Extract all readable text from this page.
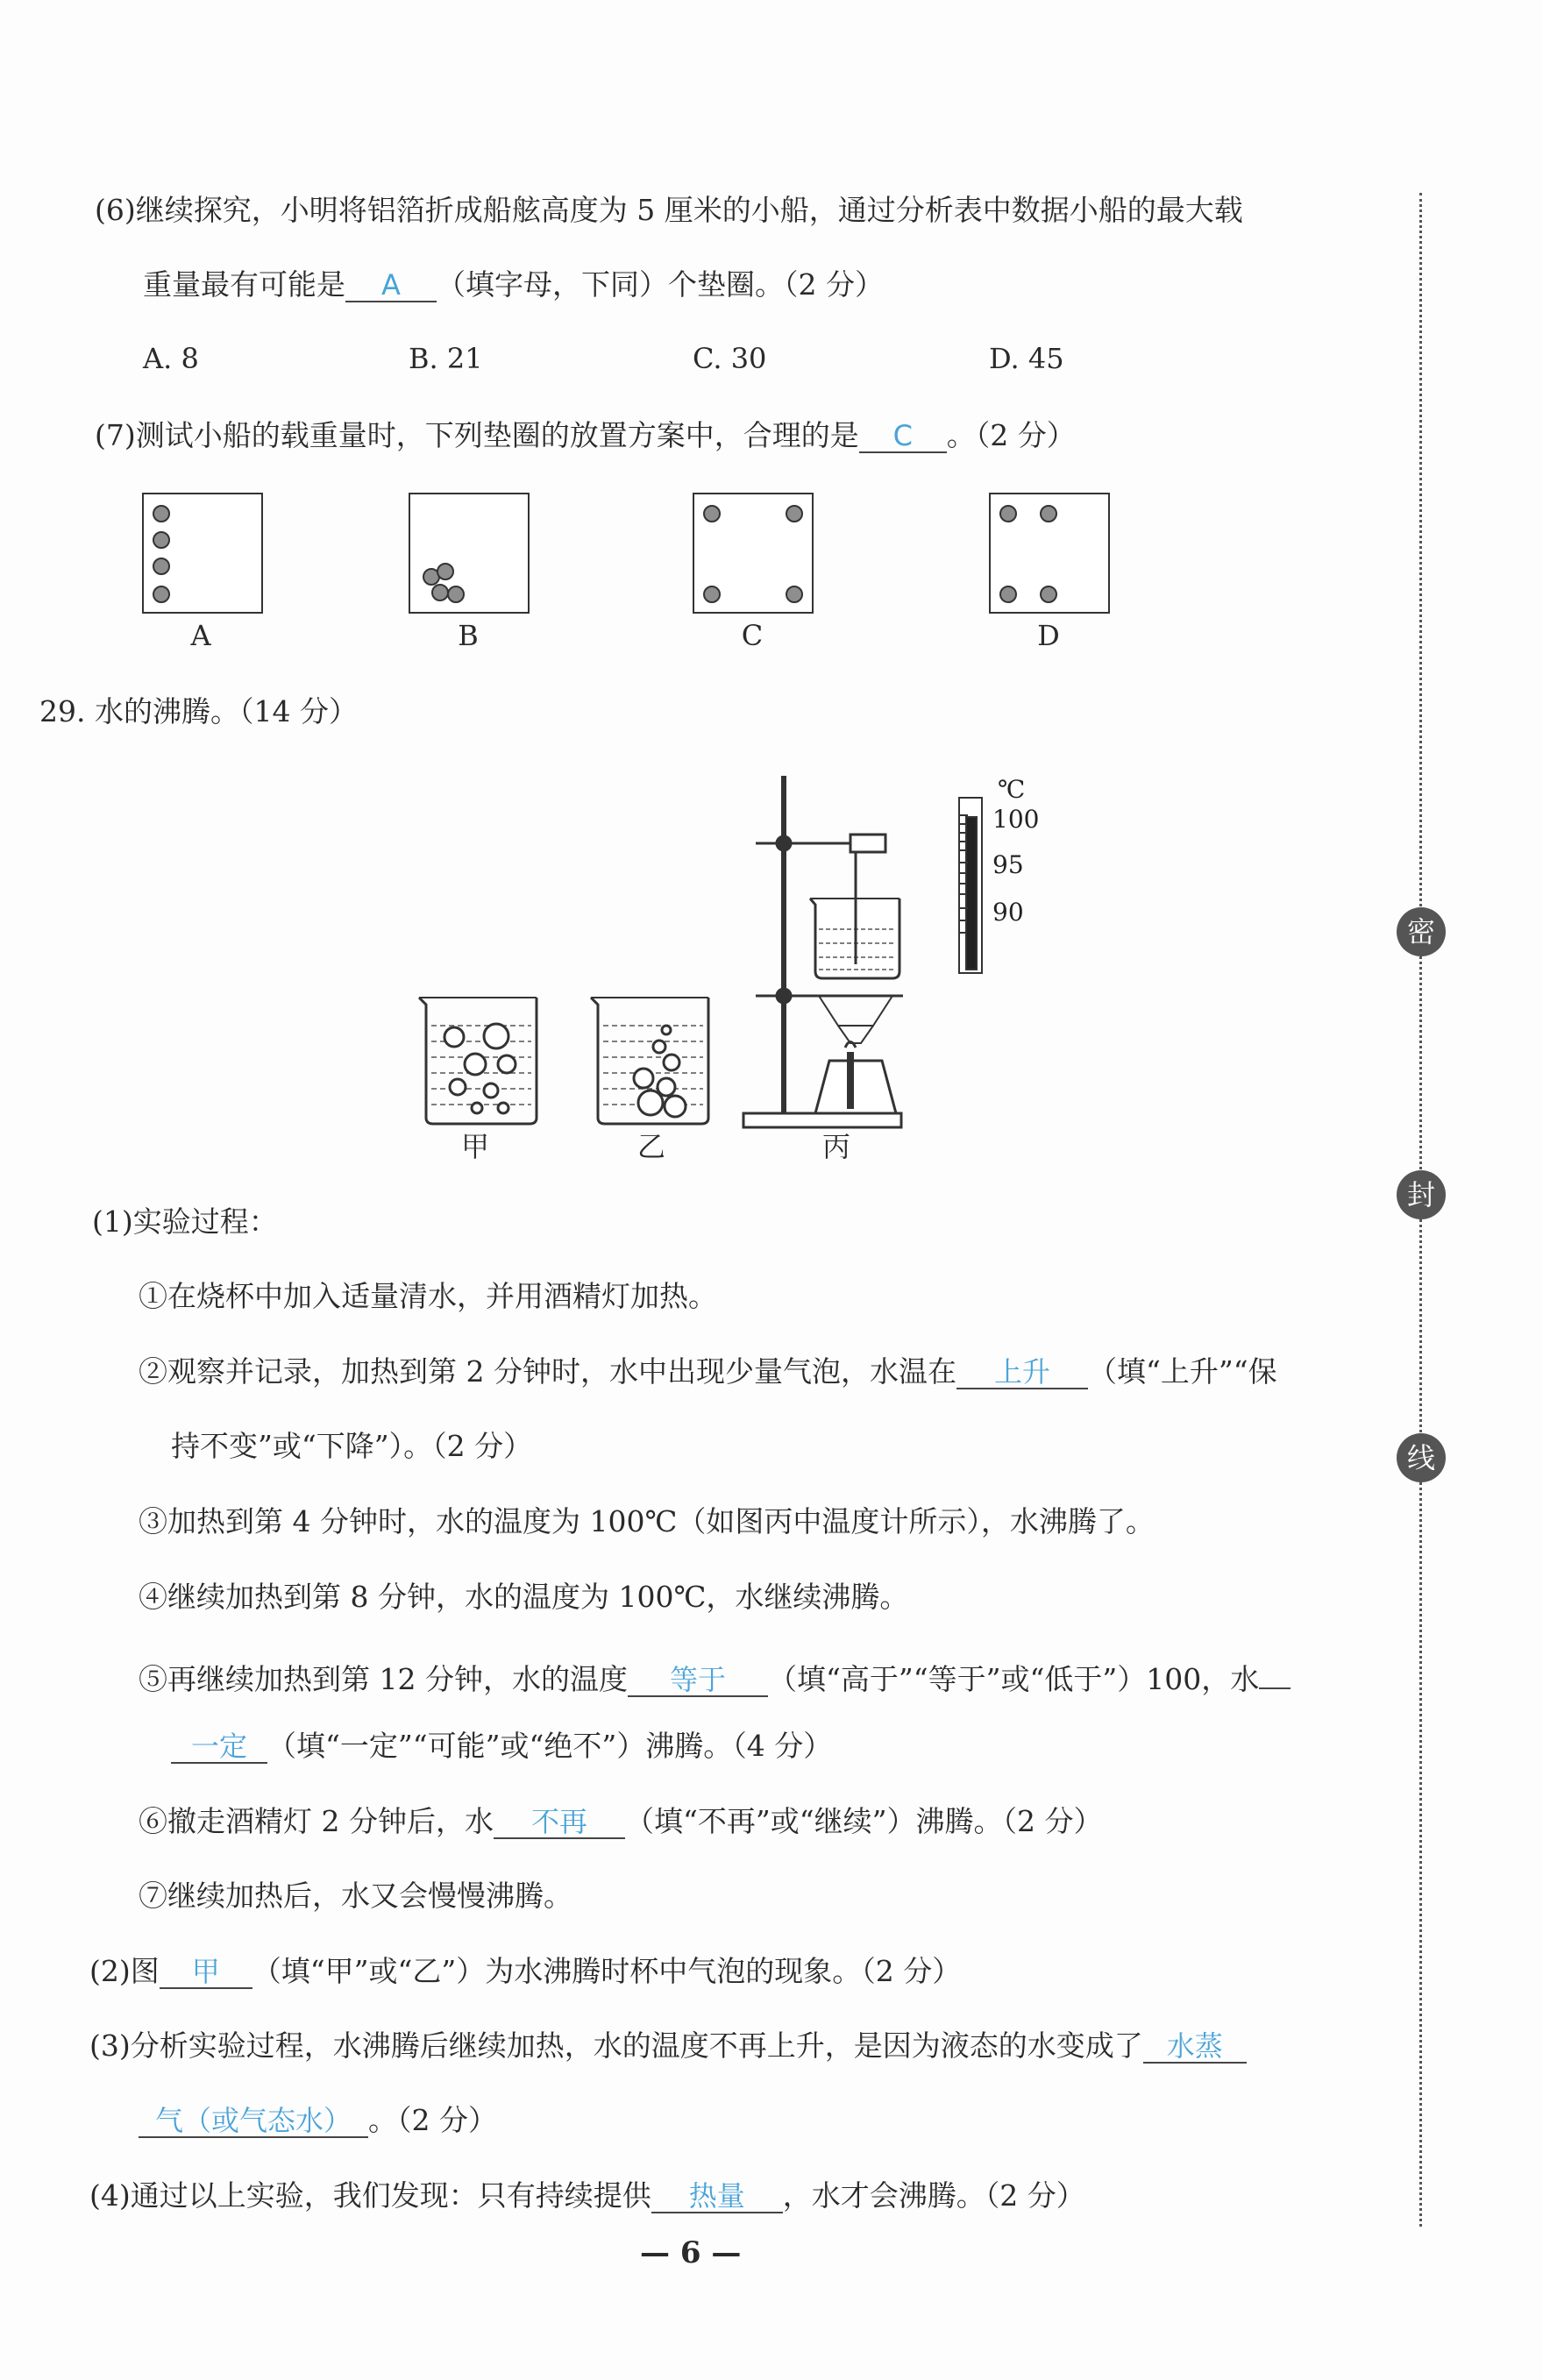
密
封
线
(6)继续探究，小明将铝箔折成船舷高度为 5 厘米的小船，通过分析表中数据小船的最大载
重量最有可能是 A （填字母，下同）个垫圈。（2 分）
A. 8	B. 21	C. 30	D. 45
(7)测试小船的载重量时，下列垫圈的放置方案中，合理的是 C 。（2 分）
A	B	C	D
29. 水的沸腾。（14 分）
℃
100
95
90
甲	乙	丙
(1)实验过程：
①在烧杯中加入适量清水，并用酒精灯加热。
②观察并记录，加热到第 2 分钟时，水中出现少量气泡，水温在 上升 （填“上升”“保
持不变”或“下降”）。（2 分）
③加热到第 4 分钟时，水的温度为 100℃（如图丙中温度计所示），水沸腾了。
④继续加热到第 8 分钟，水的温度为 100℃，水继续沸腾。
⑤再继续加热到第 12 分钟，水的温度 等于 （填“高于”“等于”或“低于”）100，水
一定 （填“一定”“可能”或“绝不”）沸腾。（4 分）
⑥撤走酒精灯 2 分钟后，水 不再 （填“不再”或“继续”）沸腾。（2 分）
⑦继续加热后，水又会慢慢沸腾。
(2)图 甲 （填“甲”或“乙”）为水沸腾时杯中气泡的现象。（2 分）
(3)分析实验过程，水沸腾后继续加热，水的温度不再上升，是因为液态的水变成了 水蒸
气（或气态水） 。（2 分）
(4)通过以上实验，我们发现：只有持续提供 热量 ，水才会沸腾。（2 分）
— 6 —
